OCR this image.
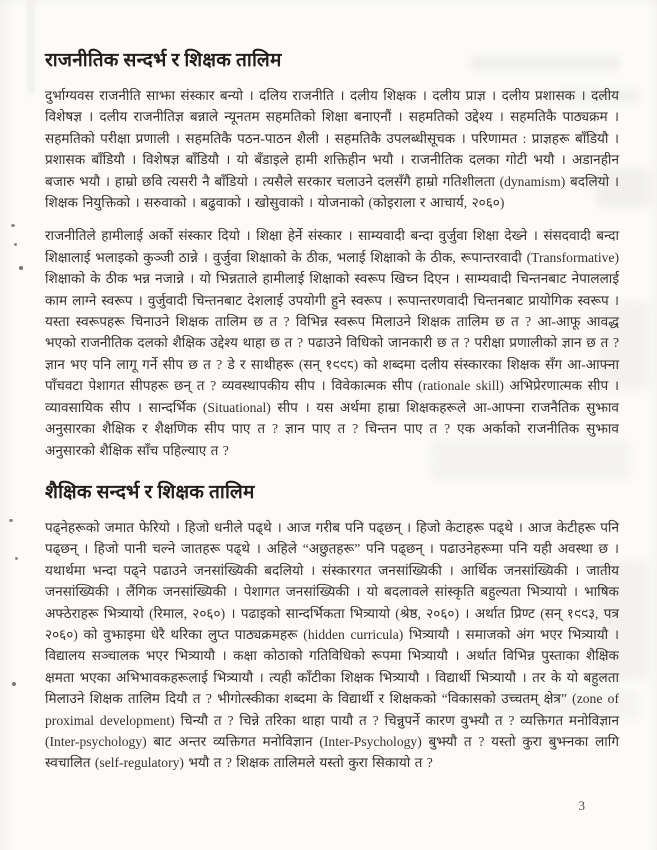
राजनीतिक सन्दर्भ र शिक्षक तालिम

दुर्भाग्यवस राजनीति साझा संस्कार बन्यो । दलिय राजनीति । दलीय शिक्षक । दलीय प्राज्ञ । दलीय प्रशासक । दलीय विशेषज्ञ । दलीय राजनीतिज्ञ बन्नाले न्यूनतम सहमतिको शिक्षा बनाएनौं । सहमतिको उद्देश्य । सहमतिकै पाठ्यक्रम । सहमतिको परीक्षा प्रणाली । सहमतिकै पठन-पाठन शैली । सहमतिकै उपलब्धीसूचक । परिणामत : प्राज्ञहरू बाँडियौ । प्रशासक बाँडियौ । विशेषज्ञ बाँडियौ । यो बँडाइले हामी शक्तिहीन भयौ । राजनीतिक दलका गोटी भयौ । अडानहीन बजारु भयौ । हाम्रो छवि त्यसरी नै बाँडियो । त्यसैले सरकार चलाउने दलसँगै हाम्रो गतिशीलता (dynamism) बदलियो । शिक्षक नियुक्तिको । सरुवाको । बढुवाको । खोसुवाको । योजनाको (कोइराला र आचार्य, २०६०)

राजनीतिले हामीलाई अर्को संस्कार दियो । शिक्षा हेर्ने संस्कार । साम्यवादी बन्दा वुर्जुवा शिक्षा देख्ने । संसदवादी बन्दा शिक्षालाई भलाइको कुञ्जी ठान्ने । वुर्जुवा शिक्षाको के ठीक, भलाई शिक्षाको के ठीक, रूपान्तरवादी (Transformative) शिक्षाको के ठीक भन्न नजान्ने । यो भिन्नताले हामीलाई शिक्षाको स्वरूप खिच्न दिएन । साम्यवादी चिन्तनबाट नेपाललाई काम लाग्ने स्वरूप । वुर्जुवादी चिन्तनबाट देशलाई उपयोगी हुने स्वरूप । रूपान्तरणवादी चिन्तनबाट प्रायोगिक स्वरूप । यस्ता स्वरूपहरू चिनाउने शिक्षक तालिम छ त ? विभिन्न स्वरूप मिलाउने शिक्षक तालिम छ त ? आ-आफू आवद्ध भएको राजनीतिक दलको शैक्षिक उद्देश्य थाहा छ त ? पढाउने विधिको जानकारी छ त ? परीक्षा प्रणालीको ज्ञान छ त ? ज्ञान भए पनि लागू गर्ने सीप छ त ? डे र साथीहरू (सन् १९९८) को शब्दमा दलीय संस्कारका शिक्षक सँग आ-आफ्ना पाँचवटा पेशागत सीपहरू छन् त ? व्यवस्थापकीय सीप । विवेकात्मक सीप (rationale skill) अभिप्रेरणात्मक सीप । व्यावसायिक सीप । सान्दर्भिक (Situational) सीप । यस अर्थमा हाम्रा शिक्षकहरूले आ-आफ्ना राजनैतिक सुझाव अनुसारका शैक्षिक र शैक्षणिक सीप पाए त ? ज्ञान पाए त ? चिन्तन पाए त ? एक अर्काको राजनीतिक सुझाव अनुसारको शैक्षिक साँच पहिल्याए त ?

शैक्षिक सन्दर्भ र शिक्षक तालिम

पढ्नेहरूको जमात फेरियो । हिजो धनीले पढ्थे । आज गरीब पनि पढ्छन् । हिजो केटाहरू पढ्थे । आज केटीहरू पनि पढ्छन् । हिजो पानी चल्ने जातहरू पढ्थे । अहिले “अछुतहरू” पनि पढ्छन् । पढाउनेहरूमा पनि यही अवस्था छ । यथार्थमा भन्दा पढ्ने पढाउने जनसांख्यिकी बदलियो । संस्कारगत जनसांख्यिकी । आर्थिक जनसांख्यिकी । जातीय जनसांख्यिकी । लैंगिक जनसांख्यिकी । पेशागत जनसांख्यिकी । यो बदलावले सांस्कृति बहुल्यता भित्र्यायो । भाषिक अफ्ठेराहरू भित्र्यायो (रिमाल, २०६०) । पढाइको सान्दर्भिकता भित्र्यायो (श्रेष्ठ, २०६०) । अर्थात प्रिण्ट (सन् १९९३, पत्र २०६०) को वुझाइमा धेरै थरिका लुप्त पाठ्यक्रमहरू (hidden curricula) भित्र्यायौ । समाजको अंग भएर भित्र्यायौ । विद्यालय सञ्चालक भएर भित्र्यायौ । कक्षा कोठाको गतिविधिको रूपमा भित्र्यायौ । अर्थात विभिन्न पुस्ताका शैक्षिक क्षमता भएका अभिभावकहरूलाई भित्र्यायौ । त्यही काँटीका शिक्षक भित्र्यायौ । विद्यार्थी भित्र्यायौ । तर के यो बहुलता मिलाउने शिक्षक तालिम दियौ त ? भीगोत्स्कीका शब्दमा के विद्यार्थी र शिक्षकको “विकासको उच्चतम् क्षेत्र” (zone of proximal development) चिन्यौ त ? चिन्ने तरिका थाहा पायौ त ? चिन्नुपर्ने कारण वुझ्यौ त ? व्यक्तिगत मनोविज्ञान (Inter-psychology) बाट अन्तर व्यक्तिगत मनोविज्ञान (Inter-Psychology) बुझ्यौ त ? यस्तो कुरा बुझ्नका लागि स्वचालित (self-regulatory) भयौ त ? शिक्षक तालिमले यस्तो कुरा सिकायो त ?

3
